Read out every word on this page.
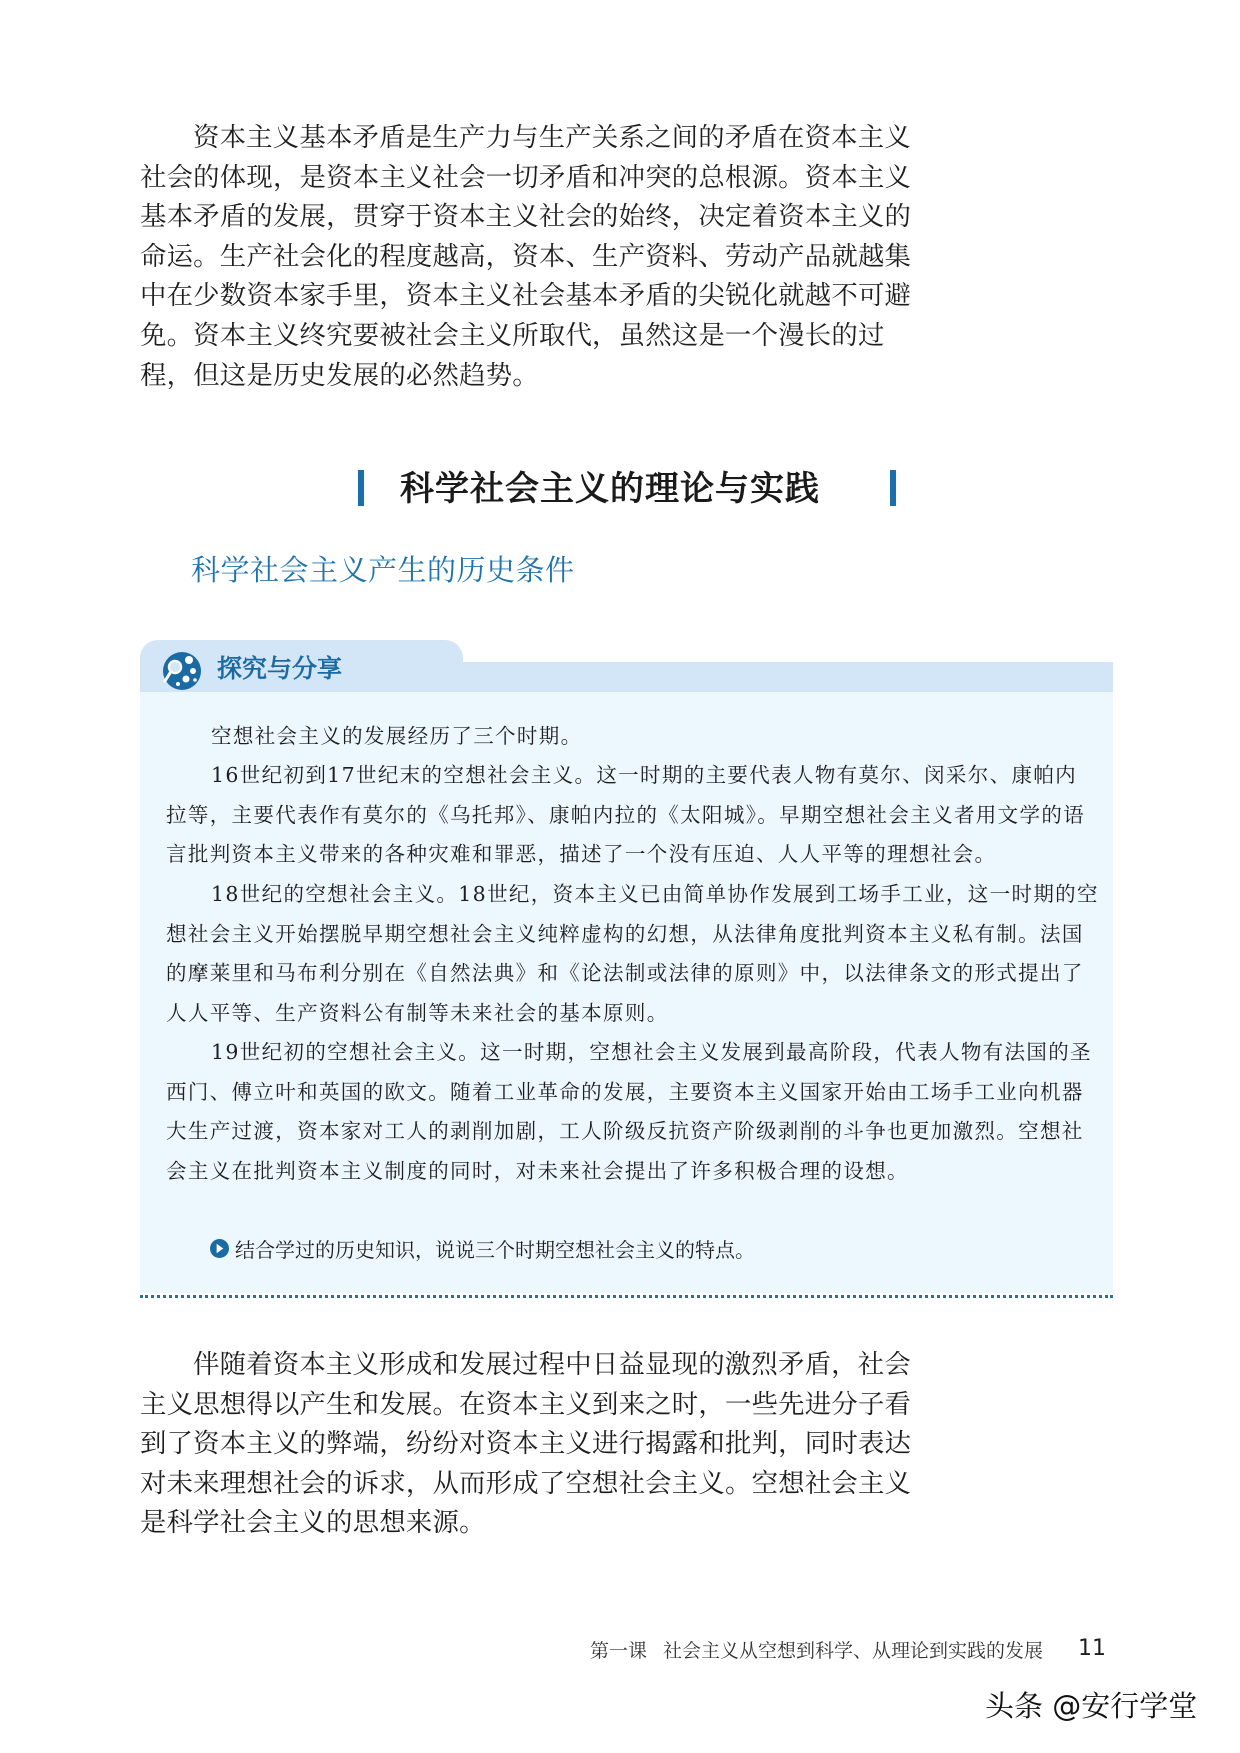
资本主义基本矛盾是生产力与生产关系之间的矛盾在资本主义
社会的体现，是资本主义社会一切矛盾和冲突的总根源。资本主义
基本矛盾的发展，贯穿于资本主义社会的始终，决定着资本主义的
命运。生产社会化的程度越高，资本、生产资料、劳动产品就越集
中在少数资本家手里，资本主义社会基本矛盾的尖锐化就越不可避
免。资本主义终究要被社会主义所取代，虽然这是一个漫长的过
程，但这是历史发展的必然趋势。
科学社会主义的理论与实践
科学社会主义产生的历史条件
探究与分享
空想社会主义的发展经历了三个时期。
16世纪初到17世纪末的空想社会主义。这一时期的主要代表人物有莫尔、闵采尔、康帕内
拉等，主要代表作有莫尔的《乌托邦》、康帕内拉的《太阳城》。早期空想社会主义者用文学的语
言批判资本主义带来的各种灾难和罪恶，描述了一个没有压迫、人人平等的理想社会。
18世纪的空想社会主义。18世纪，资本主义已由简单协作发展到工场手工业，这一时期的空
想社会主义开始摆脱早期空想社会主义纯粹虚构的幻想，从法律角度批判资本主义私有制。法国
的摩莱里和马布利分别在《自然法典》和《论法制或法律的原则》中，以法律条文的形式提出了
人人平等、生产资料公有制等未来社会的基本原则。
19世纪初的空想社会主义。这一时期，空想社会主义发展到最高阶段，代表人物有法国的圣
西门、傅立叶和英国的欧文。随着工业革命的发展，主要资本主义国家开始由工场手工业向机器
大生产过渡，资本家对工人的剥削加剧，工人阶级反抗资产阶级剥削的斗争也更加激烈。空想社
会主义在批判资本主义制度的同时，对未来社会提出了许多积极合理的设想。
结合学过的历史知识，说说三个时期空想社会主义的特点。
伴随着资本主义形成和发展过程中日益显现的激烈矛盾，社会
主义思想得以产生和发展。在资本主义到来之时，一些先进分子看
到了资本主义的弊端，纷纷对资本主义进行揭露和批判，同时表达
对未来理想社会的诉求，从而形成了空想社会主义。空想社会主义
是科学社会主义的思想来源。
第一课 社会主义从空想到科学、从理论到实践的发展 11
头条 @安行学堂
